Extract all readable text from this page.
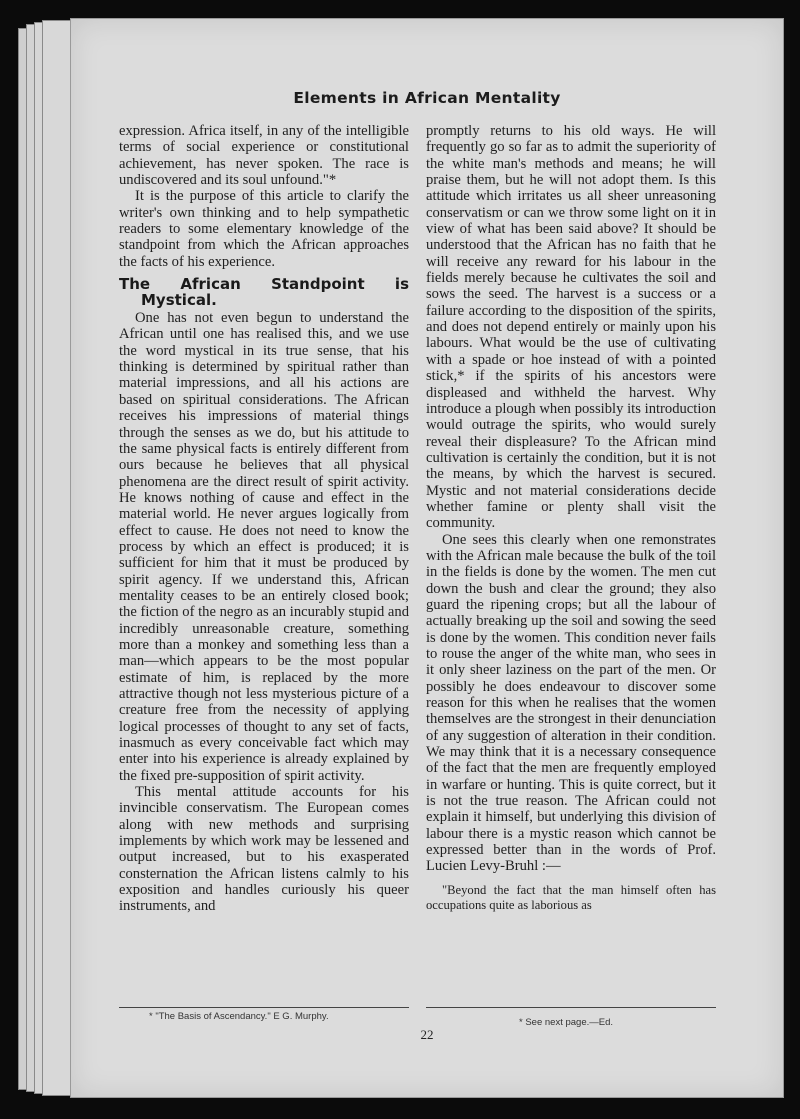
Elements in African Mentality

expression. Africa itself, in any of the intelligible terms of social experience or constitutional achievement, has never spoken. The race is undiscovered and its soul unfound."*

It is the purpose of this article to clarify the writer's own thinking and to help sympathetic readers to some elementary knowledge of the standpoint from which the African approaches the facts of his experience.

The African Standpoint is Mystical.

One has not even begun to understand the African until one has realised this, and we use the word mystical in its true sense, that his thinking is determined by spiritual rather than material impressions, and all his actions are based on spiritual considerations. The African receives his impressions of material things through the senses as we do, but his attitude to the same physical facts is entirely different from ours because he believes that all physical phenomena are the direct result of spirit activity. He knows nothing of cause and effect in the material world. He never argues logically from effect to cause. He does not need to know the process by which an effect is produced; it is sufficient for him that it must be produced by spirit agency. If we understand this, African mentality ceases to be an entirely closed book; the fiction of the negro as an incurably stupid and incredibly unreasonable creature, something more than a monkey and something less than a man—which appears to be the most popular estimate of him, is replaced by the more attractive though not less mysterious picture of a creature free from the necessity of applying logical processes of thought to any set of facts, inasmuch as every conceivable fact which may enter into his experience is already explained by the fixed pre-supposition of spirit activity.

This mental attitude accounts for his invincible conservatism. The European comes along with new methods and surprising implements by which work may be lessened and output increased, but to his exasperated consternation the African listens calmly to his exposition and handles curiously his queer instruments, and

promptly returns to his old ways. He will frequently go so far as to admit the superiority of the white man's methods and means; he will praise them, but he will not adopt them. Is this attitude which irritates us all sheer unreasoning conservatism or can we throw some light on it in view of what has been said above? It should be understood that the African has no faith that he will receive any reward for his labour in the fields merely because he cultivates the soil and sows the seed. The harvest is a success or a failure according to the disposition of the spirits, and does not depend entirely or mainly upon his labours. What would be the use of cultivating with a spade or hoe instead of with a pointed stick,* if the spirits of his ancestors were displeased and withheld the harvest. Why introduce a plough when possibly its introduction would outrage the spirits, who would surely reveal their displeasure? To the African mind cultivation is certainly the condition, but it is not the means, by which the harvest is secured. Mystic and not material considerations decide whether famine or plenty shall visit the community.

One sees this clearly when one remonstrates with the African male because the bulk of the toil in the fields is done by the women. The men cut down the bush and clear the ground; they also guard the ripening crops; but all the labour of actually breaking up the soil and sowing the seed is done by the women. This condition never fails to rouse the anger of the white man, who sees in it only sheer laziness on the part of the men. Or possibly he does endeavour to discover some reason for this when he realises that the women themselves are the strongest in their denunciation of any suggestion of alteration in their condition. We may think that it is a necessary consequence of the fact that the men are frequently employed in warfare or hunting. This is quite correct, but it is not the true reason. The African could not explain it himself, but underlying this division of labour there is a mystic reason which cannot be expressed better than in the words of Prof. Lucien Levy-Bruhl :—

"Beyond the fact that the man himself often has occupations quite as laborious as

* "The Basis of Ascendancy." E G. Murphy.
* See next page.—Ed.
22
